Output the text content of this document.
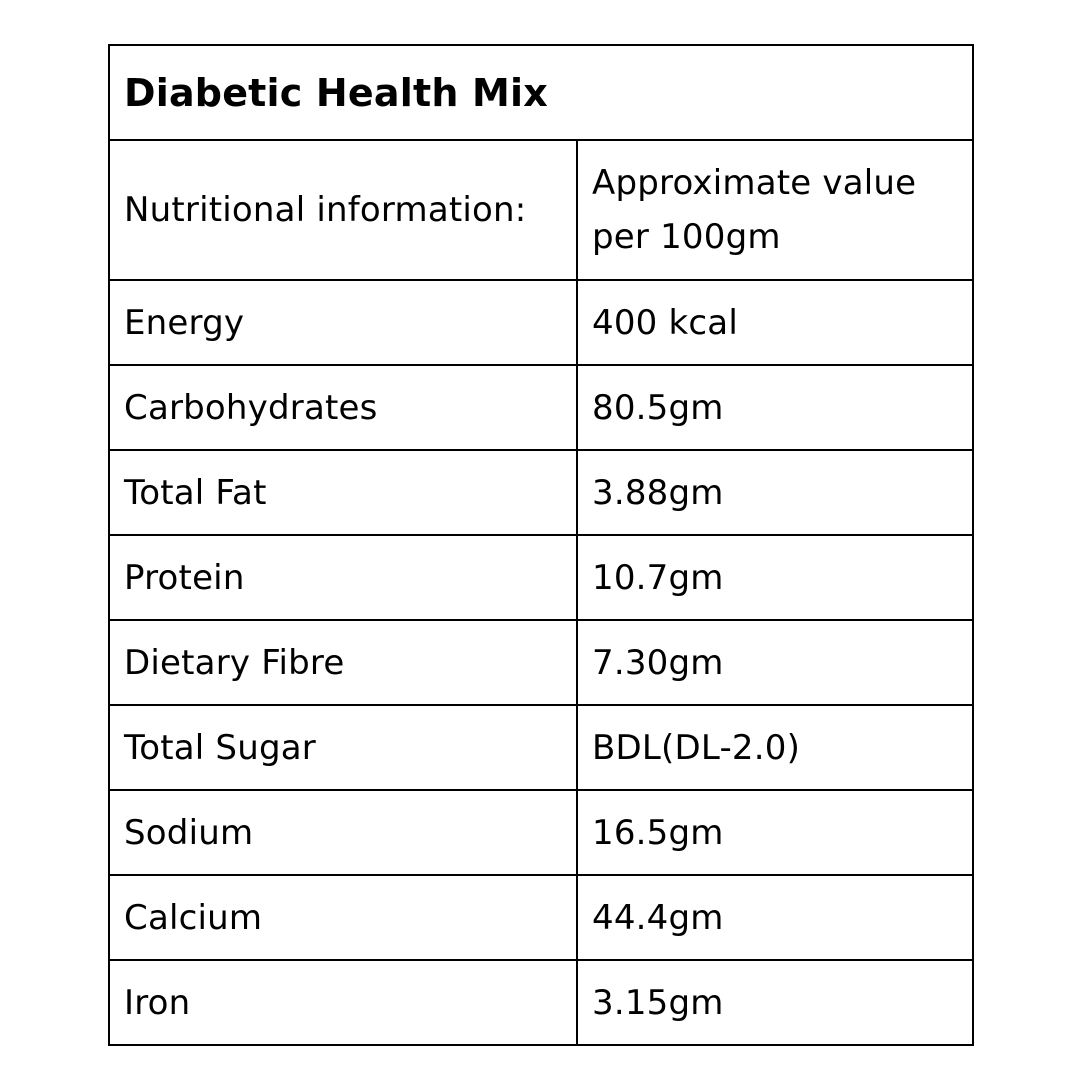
Diabetic Health Mix	
Nutritional information:	Approximate value per 100gm
Energy	400 kcal
Carbohydrates	80.5gm
Total Fat	3.88gm
Protein	10.7gm
Dietary Fibre	7.30gm
Total Sugar	BDL(DL-2.0)
Sodium	16.5gm
Calcium	44.4gm
Iron	3.15gm
